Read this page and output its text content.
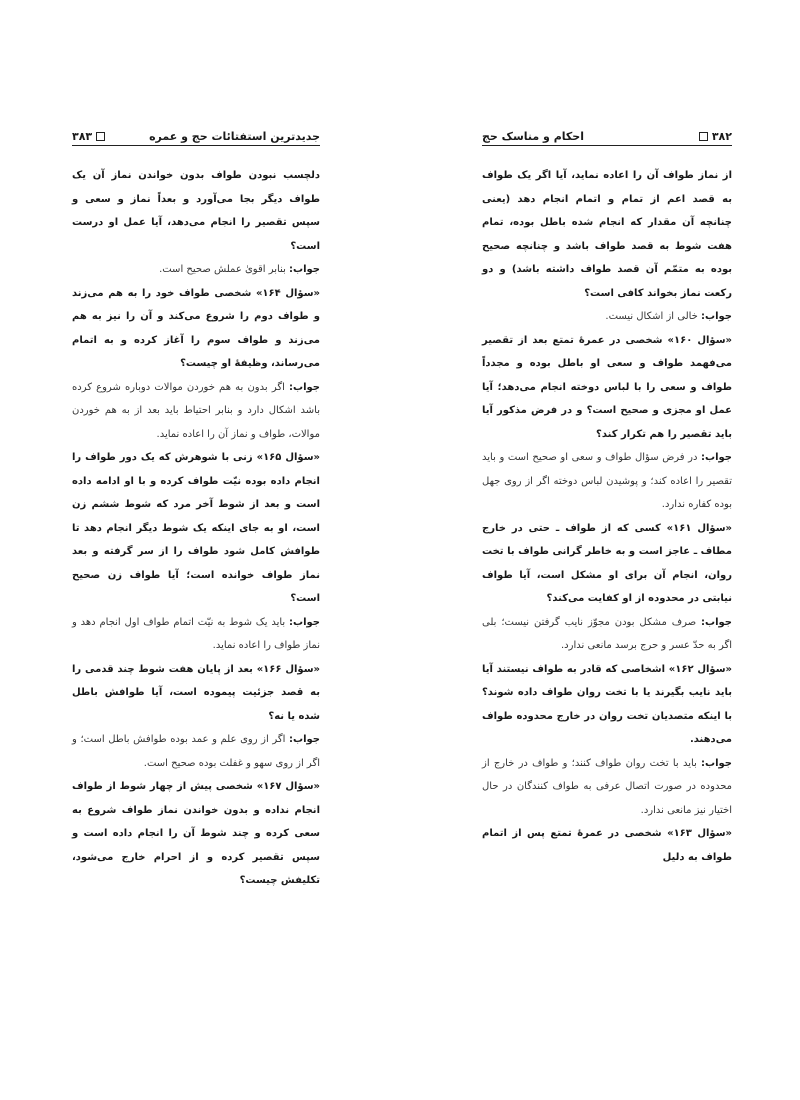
جدیدترین استفتائات حج و عمره
۳۸۳

دلچسب نبودن طواف بدون خواندن نماز آن یک طواف دیگر بجا می‌آورد و بعداً نماز و سعی و سپس تقصیر را انجام می‌دهد، آیا عمل او درست است؟

جواب: بنابر اقویٰ عملش صحیح است.

«سؤال ۱۶۴» شخصی طواف خود را به هم می‌زند و طواف دوم را شروع می‌کند و آن را نیز به هم می‌زند و طواف سوم را آغاز کرده و به اتمام می‌رساند، وظیفهٔ او چیست؟

جواب: اگر بدون به هم خوردن موالات دوباره شروع کرده باشد اشکال دارد و بنابر احتیاط باید بعد از به هم خوردن موالات، طواف و نماز آن را اعاده نماید.

«سؤال ۱۶۵» زنی با شوهرش که یک دور طواف را انجام داده بوده نیّت طواف کرده و با او ادامه داده است و بعد از شوط آخر مرد که شوط ششم زن است، او به جای اینکه یک شوط دیگر انجام دهد تا طوافش کامل شود طواف را از سر گرفته و بعد نماز طواف خوانده است؛ آیا طواف زن صحیح است؟

جواب: باید یک شوط به نیّت اتمام طواف اول انجام دهد و نماز طواف را اعاده نماید.

«سؤال ۱۶۶» بعد از پایان هفت شوط چند قدمی را به قصد جزئیت پیموده است، آیا طوافش باطل شده یا نه؟

جواب: اگر از روی علم و عمد بوده طوافش باطل است؛ و اگر از روی سهو و غفلت بوده صحیح است.

«سؤال ۱۶۷» شخصی پیش از چهار شوط از طواف انجام نداده و بدون خواندن نماز طواف شروع به سعی کرده و چند شوط آن را انجام داده است و سپس تقصیر کرده و از احرام خارج می‌شود، تکلیفش چیست؟

۳۸۲
احکام و مناسک حج

از نماز طواف آن را اعاده نماید، آیا اگر یک طواف به قصد اعم از تمام و اتمام انجام دهد (یعنی چنانچه آن مقدار که انجام شده باطل بوده، تمام هفت شوط به قصد طواف باشد و چنانچه صحیح بوده به متمّم آن قصد طواف داشته باشد) و دو رکعت نماز بخواند کافی است؟

جواب: خالی از اشکال نیست.

«سؤال ۱۶۰» شخصی در عمرهٔ تمتع بعد از تقصیر می‌فهمد طواف و سعی او باطل بوده و مجدداً طواف و سعی را با لباس دوخته انجام می‌دهد؛ آیا عمل او مجزی و صحیح است؟ و در فرض مذکور آیا باید تقصیر را هم تکرار کند؟

جواب: در فرض سؤال طواف و سعی او صحیح است و باید تقصیر را اعاده کند؛ و پوشیدن لباس دوخته اگر از روی جهل بوده کفاره ندارد.

«سؤال ۱۶۱» کسی که از طواف ـ حتی در خارج مطاف ـ عاجز است و به خاطر گرانی طواف با تخت روان، انجام آن برای او مشکل است، آیا طواف نیابتی در محدوده از او کفایت می‌کند؟

جواب: صرف مشکل بودن مجوّز نایب گرفتن نیست؛ بلی اگر به حدّ عسر و حرج برسد مانعی ندارد.

«سؤال ۱۶۲» اشخاصی که قادر به طواف نیستند آیا باید نایب بگیرند یا با تخت روان طواف داده شوند؟ با اینکه متصدیان تخت روان در خارج محدوده طواف می‌دهند.

جواب: باید با تخت روان طواف کنند؛ و طواف در خارج از محدوده در صورت اتصال عرفی به طواف کنندگان در حال اختیار نیز مانعی ندارد.

«سؤال ۱۶۳» شخصی در عمرهٔ تمتع پس از اتمام طواف به دلیل
